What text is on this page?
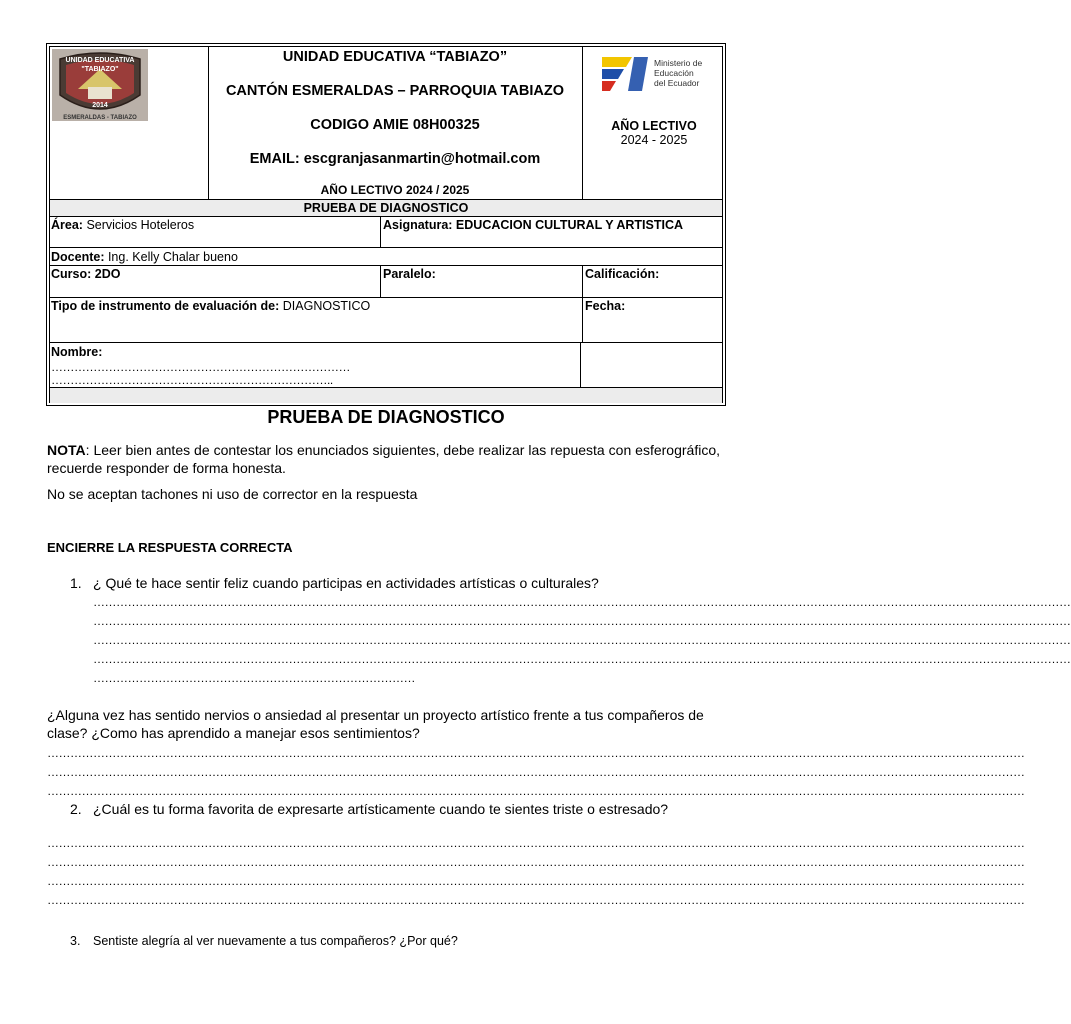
UNIDAD EDUCATIVA
"TABIAZO"
2014
ESMERALDAS - TABIAZO
UNIDAD EDUCATIVA “TABIAZO”
CANTÓN ESMERALDAS – PARROQUIA TABIAZO
CODIGO AMIE 08H00325
EMAIL: escgranjasanmartin@hotmail.com
AÑO LECTIVO 2024 / 2025
Ministerio de
Educación
del Ecuador
AÑO LECTIVO
2024 - 2025
PRUEBA DE DIAGNOSTICO
Área: Servicios Hoteleros	Asignatura: EDUCACION CULTURAL Y ARTISTICA
Docente: Ing. Kelly Chalar bueno
Curso: 2DO	Paralelo:	Calificación:
Tipo de instrumento de evaluación de: DIAGNOSTICO	Fecha:
Nombre:
……………………………………………………………………
………………………………………………………………..
PRUEBA DE DIAGNOSTICO
NOTA: Leer bien antes de contestar los enunciados siguientes, debe realizar las repuesta con esferográfico, recuerde responder de forma honesta.
No se aceptan tachones ni uso de corrector en la respuesta
ENCIERRE LA RESPUESTA CORRECTA
1. ¿ Qué te hace sentir feliz cuando participas en actividades artísticas o culturales?
…………………………………………………………………………………………………………………………………………………………………………………………………………………………………
…………………………………………………………………………………………………………………………………………………………………………………………………………………………………
…………………………………………………………………………………………………………………………………………………………………………………………………………………………………
…………………………………………………………………………………………………………………………………………………………………………………………………………………………………
…………………………………………………………………………
¿Alguna vez has sentido nervios o ansiedad al presentar un proyecto artístico frente a tus compañeros de clase? ¿Como has aprendido a manejar esos sentimientos?
…………………………………………………………………………………………………………………………………………………………………………………………………………………………………
…………………………………………………………………………………………………………………………………………………………………………………………………………………………………
…………………………………………………………………………………………………………………………………………………………………………………………………………………………………
2. ¿Cuál es tu forma favorita de expresarte artísticamente cuando te sientes triste o estresado?
…………………………………………………………………………………………………………………………………………………………………………………………………………………………………
…………………………………………………………………………………………………………………………………………………………………………………………………………………………………
…………………………………………………………………………………………………………………………………………………………………………………………………………………………………
…………………………………………………………………………………………………………………………………………………………………………………………………………………………………
3. Sentiste alegría al ver nuevamente a tus compañeros? ¿Por qué?
